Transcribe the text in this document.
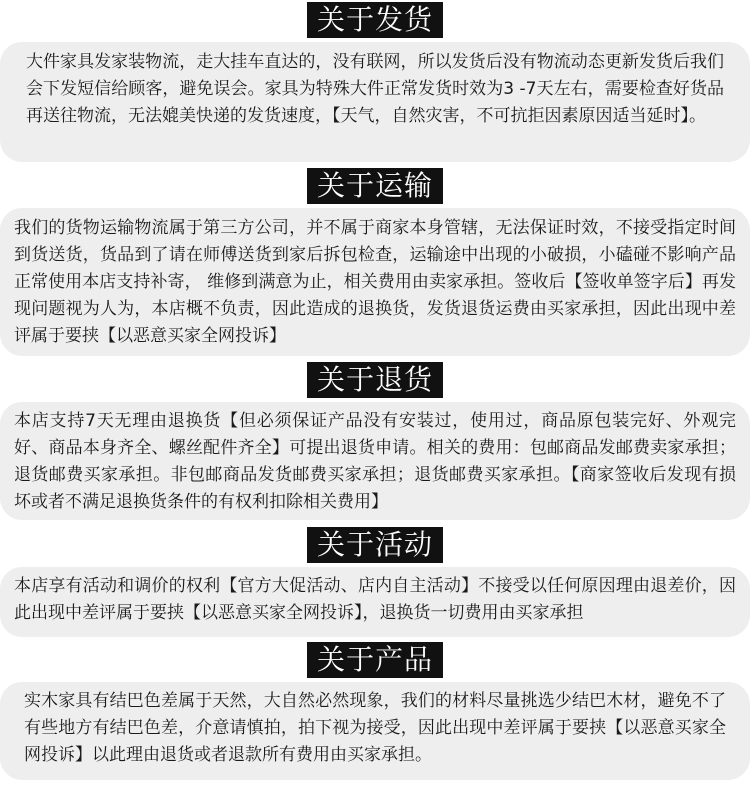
关于发货

大件家具发家装物流，走大挂车直达的，没有联网，所以发货后没有物流动态更新发货后我们会下发短信给顾客，避免误会。家具为特殊大件正常发货时效为3 -7天左右，需要检查好货品再送往物流，无法媲美快递的发货速度，【天气，自然灾害，不可抗拒因素原因适当延时】。

关于运输

我们的货物运输物流属于第三方公司，并不属于商家本身管辖，无法保证时效，不接受指定时间到货送货，货品到了请在师傅送货到家后拆包检查，运输途中出现的小破损，小磕碰不影响产品正常使用本店支持补寄， 维修到满意为止，相关费用由卖家承担。签收后【签收单签字后】再发现问题视为人为，本店概不负责，因此造成的退换货，发货退货运费由买家承担，因此出现中差评属于要挟【以恶意买家全网投诉】

关于退货

本店支持7天无理由退换货【但必须保证产品没有安装过，使用过，商品原包装完好、外观完好、商品本身齐全、螺丝配件齐全】可提出退货申请。相关的费用：包邮商品发邮费卖家承担；退货邮费买家承担。非包邮商品发货邮费买家承担；退货邮费买家承担。【商家签收后发现有损坏或者不满足退换货条件的有权利扣除相关费用】

关于活动

本店享有活动和调价的权利【官方大促活动、店内自主活动】不接受以任何原因理由退差价，因此出现中差评属于要挟【以恶意买家全网投诉】，退换货一切费用由买家承担

关于产品

实木家具有结巴色差属于天然，大自然必然现象，我们的材料尽量挑选少结巴木材，避免不了有些地方有结巴色差，介意请慎拍，拍下视为接受，因此出现中差评属于要挟【以恶意买家全网投诉】以此理由退货或者退款所有费用由买家承担。
